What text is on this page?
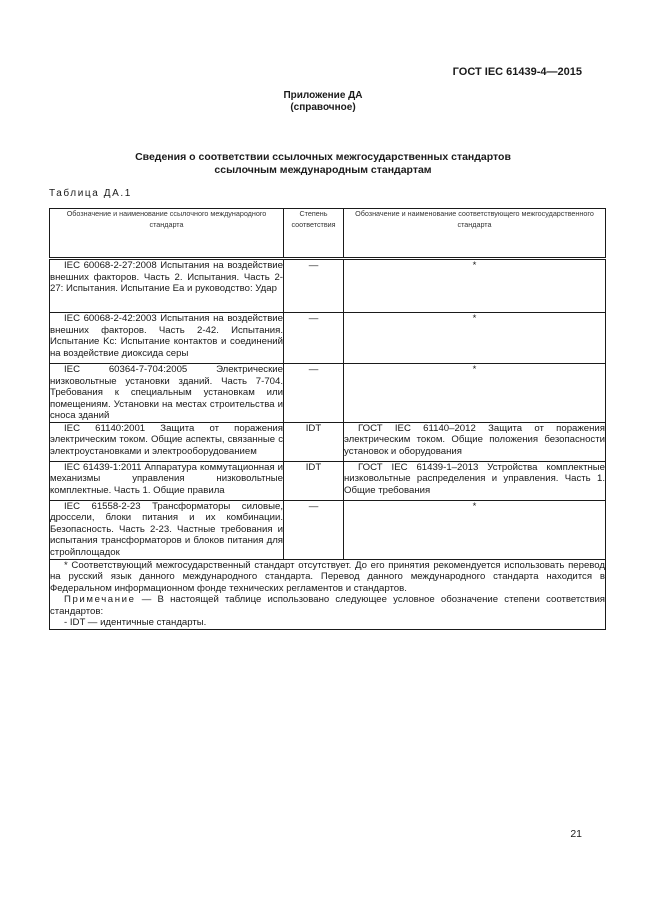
ГОСТ IEC 61439-4—2015
Приложение ДА
(справочное)
Сведения о соответствии ссылочных межгосударственных стандартов
ссылочным международным стандартам
Таблица ДА.1
Обозначение и наименование ссылочного международного стандарта	Степень соответствия	Обозначение и наименование соответствующего межгосударственного стандарта

IEC 60068-2-27:2008 Испытания на воздействие внешних факторов. Часть 2. Испытания. Часть 2-27: Испытания. Испытание Ea и руководство: Удар	—	*

IEC 60068-2-42:2003 Испытания на воздействие внешних факторов. Часть 2-42. Испытания. Испытание Kc: Испытание контактов и соединений на воздействие диоксида серы	—	*

IEC 60364-7-704:2005 Электрические низковольтные установки зданий. Часть 7-704. Требования к специальным установкам или помещениям. Установки на местах строительства и сноса зданий	—	*

IEC 61140:2001 Защита от поражения электрическим током. Общие аспекты, связанные с электроустановками и электрооборудованием	IDT	ГОСТ IEC 61140–2012 Защита от поражения электрическим током. Общие положения безопасности установок и оборудования

IEC 61439-1:2011 Аппаратура коммутационная и механизмы управления низковольтные комплектные. Часть 1. Общие правила	IDT	ГОСТ IEC 61439-1–2013 Устройства комплектные низковольтные распределения и управления. Часть 1. Общие требования

IEC 61558-2-23 Трансформаторы силовые, дроссели, блоки питания и их комбинации. Безопасность. Часть 2-23. Частные требования и испытания трансформаторов и блоков питания для стройплощадок	—	*

* Соответствующий межгосударственный стандарт отсутствует. До его принятия рекомендуется использовать перевод на русский язык данного международного стандарта. Перевод данного международного стандарта находится в Федеральном информационном фонде технических регламентов и стандартов.
Примечание — В настоящей таблице использовано следующее условное обозначение степени соответствия стандартов:
- IDT — идентичные стандарты.		
21
